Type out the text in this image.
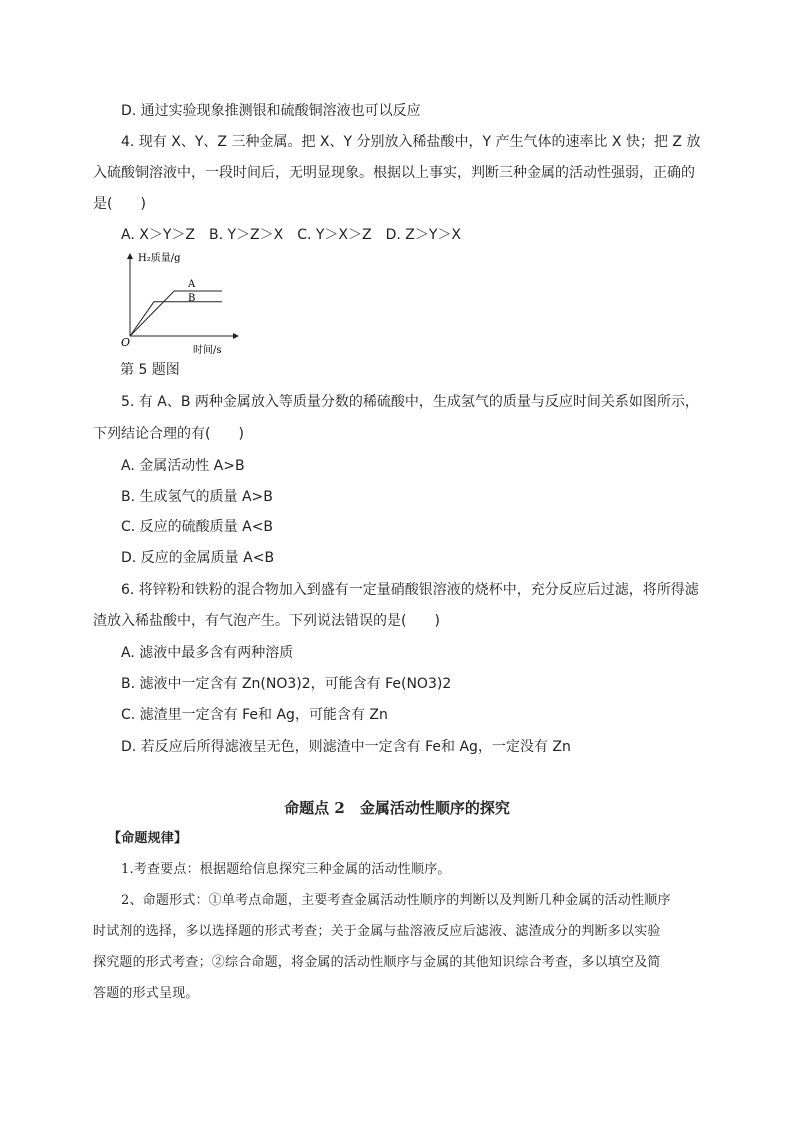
D. 通过实验现象推测银和硫酸铜溶液也可以反应
4. 现有 X、Y、Z 三种金属。把 X、Y 分别放入稀盐酸中，Y 产生气体的速率比 X 快；把 Z 放
入硫酸铜溶液中，一段时间后，无明显现象。根据以上事实，判断三种金属的活动性强弱，正确的
是(　　)
A. X＞Y＞Z　B. Y＞Z＞X　C. Y＞X＞Z　D. Z＞Y＞X
H₂质量/g
时间/s
O
A
B
第 5 题图
5. 有 A、B 两种金属放入等质量分数的稀硫酸中，生成氢气的质量与反应时间关系如图所示，
下列结论合理的有(　　)
A. 金属活动性 A>B
B. 生成氢气的质量 A>B
C. 反应的硫酸质量 A<B
D. 反应的金属质量 A<B
6. 将锌粉和铁粉的混合物加入到盛有一定量硝酸银溶液的烧杯中，充分反应后过滤，将所得滤
渣放入稀盐酸中，有气泡产生。下列说法错误的是(　　)
A. 滤液中最多含有两种溶质
B. 滤液中一定含有 Zn(NO3)2，可能含有 Fe(NO3)2
C. 滤渣里一定含有 Fe和 Ag，可能含有 Zn
D. 若反应后所得滤液呈无色，则滤渣中一定含有 Fe和 Ag，一定没有 Zn
命题点 2　金属活动性顺序的探究
【命题规律】
1.考查要点：根据题给信息探究三种金属的活动性顺序。
2、命题形式：①单考点命题，主要考查金属活动性顺序的判断以及判断几种金属的活动性顺序
时试剂的选择，多以选择题的形式考查；关于金属与盐溶液反应后滤液、滤渣成分的判断多以实验
探究题的形式考查；②综合命题，将金属的活动性顺序与金属的其他知识综合考查，多以填空及简
答题的形式呈现。
